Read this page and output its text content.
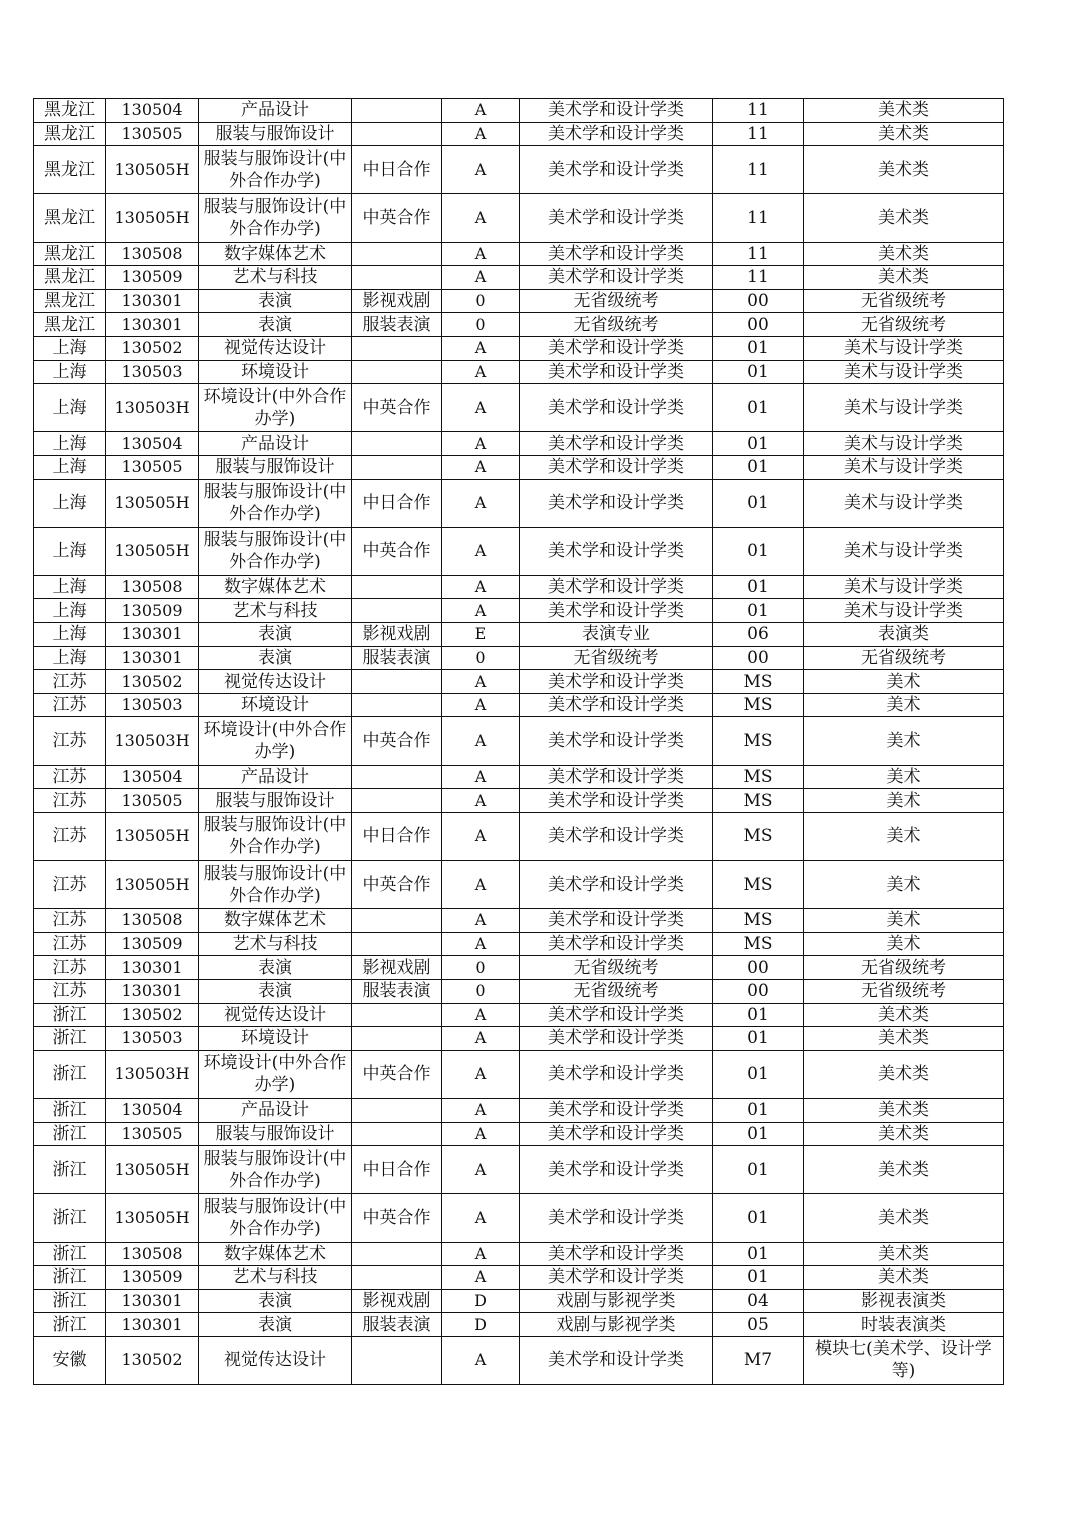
黑龙江	130504	产品设计		A	美术学和设计学类	11	美术类
黑龙江	130505	服装与服饰设计		A	美术学和设计学类	11	美术类
黑龙江	130505H	服装与服饰设计(中外合作办学)	中日合作	A	美术学和设计学类	11	美术类
黑龙江	130505H	服装与服饰设计(中外合作办学)	中英合作	A	美术学和设计学类	11	美术类
黑龙江	130508	数字媒体艺术		A	美术学和设计学类	11	美术类
黑龙江	130509	艺术与科技		A	美术学和设计学类	11	美术类
黑龙江	130301	表演	影视戏剧	0	无省级统考	00	无省级统考
黑龙江	130301	表演	服装表演	0	无省级统考	00	无省级统考
上海	130502	视觉传达设计		A	美术学和设计学类	01	美术与设计学类
上海	130503	环境设计		A	美术学和设计学类	01	美术与设计学类
上海	130503H	环境设计(中外合作办学)	中英合作	A	美术学和设计学类	01	美术与设计学类
上海	130504	产品设计		A	美术学和设计学类	01	美术与设计学类
上海	130505	服装与服饰设计		A	美术学和设计学类	01	美术与设计学类
上海	130505H	服装与服饰设计(中外合作办学)	中日合作	A	美术学和设计学类	01	美术与设计学类
上海	130505H	服装与服饰设计(中外合作办学)	中英合作	A	美术学和设计学类	01	美术与设计学类
上海	130508	数字媒体艺术		A	美术学和设计学类	01	美术与设计学类
上海	130509	艺术与科技		A	美术学和设计学类	01	美术与设计学类
上海	130301	表演	影视戏剧	E	表演专业	06	表演类
上海	130301	表演	服装表演	0	无省级统考	00	无省级统考
江苏	130502	视觉传达设计		A	美术学和设计学类	MS	美术
江苏	130503	环境设计		A	美术学和设计学类	MS	美术
江苏	130503H	环境设计(中外合作办学)	中英合作	A	美术学和设计学类	MS	美术
江苏	130504	产品设计		A	美术学和设计学类	MS	美术
江苏	130505	服装与服饰设计		A	美术学和设计学类	MS	美术
江苏	130505H	服装与服饰设计(中外合作办学)	中日合作	A	美术学和设计学类	MS	美术
江苏	130505H	服装与服饰设计(中外合作办学)	中英合作	A	美术学和设计学类	MS	美术
江苏	130508	数字媒体艺术		A	美术学和设计学类	MS	美术
江苏	130509	艺术与科技		A	美术学和设计学类	MS	美术
江苏	130301	表演	影视戏剧	0	无省级统考	00	无省级统考
江苏	130301	表演	服装表演	0	无省级统考	00	无省级统考
浙江	130502	视觉传达设计		A	美术学和设计学类	01	美术类
浙江	130503	环境设计		A	美术学和设计学类	01	美术类
浙江	130503H	环境设计(中外合作办学)	中英合作	A	美术学和设计学类	01	美术类
浙江	130504	产品设计		A	美术学和设计学类	01	美术类
浙江	130505	服装与服饰设计		A	美术学和设计学类	01	美术类
浙江	130505H	服装与服饰设计(中外合作办学)	中日合作	A	美术学和设计学类	01	美术类
浙江	130505H	服装与服饰设计(中外合作办学)	中英合作	A	美术学和设计学类	01	美术类
浙江	130508	数字媒体艺术		A	美术学和设计学类	01	美术类
浙江	130509	艺术与科技		A	美术学和设计学类	01	美术类
浙江	130301	表演	影视戏剧	D	戏剧与影视学类	04	影视表演类
浙江	130301	表演	服装表演	D	戏剧与影视学类	05	时装表演类
安徽	130502	视觉传达设计		A	美术学和设计学类	M7	模块七(美术学、设计学等)
